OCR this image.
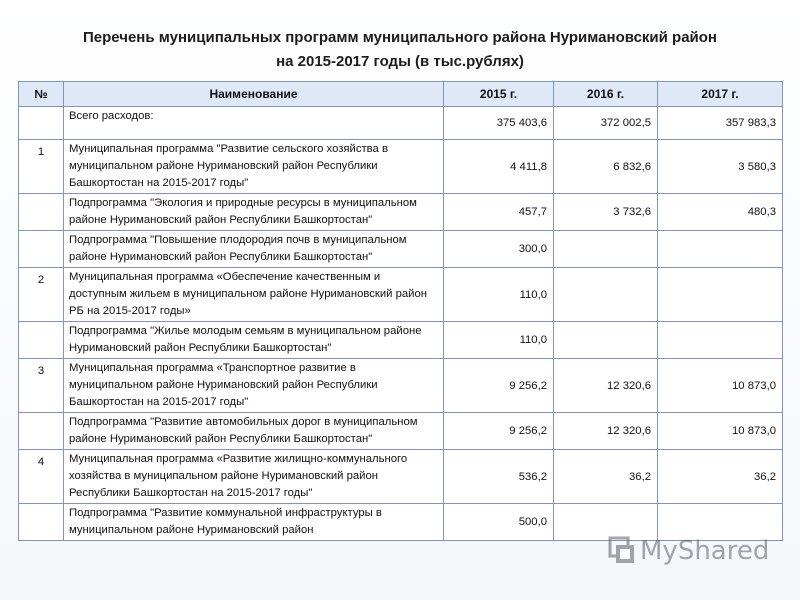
Перечень муниципальных программ муниципального района Нуримановский район
на 2015-2017 годы (в тыс.рублях)
№	Наименование	2015 г.	2016 г.	2017 г.
	Всего расходов:	375 403,6	372 002,5	357 983,3
1	Муниципальная программа "Развитие сельского хозяйства в муниципальном районе Нуримановский район Республики Башкортостан на 2015-2017 годы"	4 411,8	6 832,6	3 580,3
	Подпрограмма "Экология и природные ресурсы в муниципальном районе Нуримановский район Республики Башкортостан"	457,7	3 732,6	480,3
	Подпрограмма "Повышение плодородия почв в муниципальном районе Нуримановский район Республики Башкортостан"	300,0		
2	Муниципальная программа «Обеспечение качественным и доступным жильем в муниципальном районе Нуримановский район РБ на 2015-2017 годы»	110,0		
	Подпрограмма "Жилье молодым семьям в муниципальном районе Нуримановский район Республики Башкортостан"	110,0		
3	Муниципальная программа «Транспортное развитие в муниципальном районе Нуримановский район Республики Башкортостан на 2015-2017 годы"	9 256,2	12 320,6	10 873,0
	Подпрограмма "Развитие автомобильных дорог в муниципальном районе Нуримановский район Республики Башкортостан"	9 256,2	12 320,6	10 873,0
4	Муниципальная программа «Развитие жилищно-коммунального хозяйства в муниципальном районе Нуримановский район Республики Башкортостан на 2015-2017 годы"	536,2	36,2	36,2
	Подпрограмма "Развитие коммунальной инфраструктуры в муниципальном районе Нуримановский район	500,0		
MyShared
